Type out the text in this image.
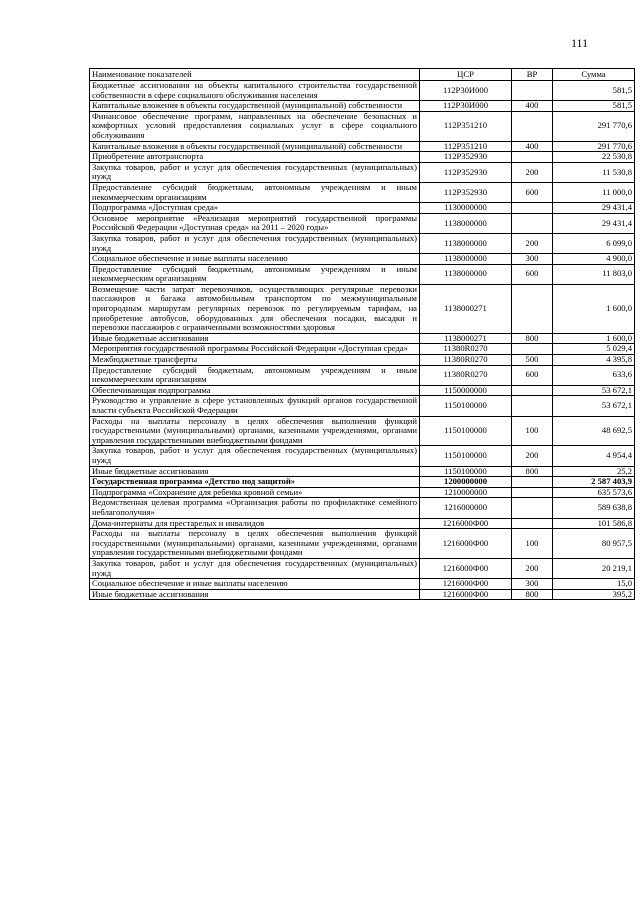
111
Наименование показателей	ЦСР	ВР	Сумма
Бюджетные ассигнования на объекты капитального строительства государственной собственности в сфере социального обслуживания населения	112Р30И000		581,5
Капитальные вложения в объекты государственной (муниципальной) собственности	112Р30И000	400	581,5
Финансовое обеспечение программ, направленных на обеспечение безопасных и комфортных условий предоставления социальных услуг в сфере социального обслуживания	112Р351210		291 770,6
Капитальные вложения в объекты государственной (муниципальной) собственности	112Р351210	400	291 770,6
Приобретение автотранспорта	112Р352930		22 530,8
Закупка товаров, работ и услуг для обеспечения государственных (муниципальных) нужд	112Р352930	200	11 530,8
Предоставление субсидий бюджетным, автономным учреждениям и иным некоммерческим организациям	112Р352930	600	11 000,0
Подпрограмма «Доступная среда»	1130000000		29 431,4
Основное мероприятие «Реализация мероприятий государственной программы Российской Федерации «Доступная среда» на 2011 – 2020 годы»	1138000000		29 431,4
Закупка товаров, работ и услуг для обеспечения государственных (муниципальных) нужд	1138000000	200	6 099,0
Социальное обеспечение и иные выплаты населению	1138000000	300	4 900,0
Предоставление субсидий бюджетным, автономным учреждениям и иным некоммерческим организациям	1138000000	600	11 803,0
Возмещение части затрат перевозчиков, осуществляющих регулярные перевозки пассажиров и багажа автомобильным транспортом по межмуниципальным пригородным маршрутам регулярных перевозок по регулируемым тарифам, на приобретение автобусов, оборудованных для обеспечения посадки, высадки и перевозки пассажиров с ограниченными возможностями здоровья	1138000271		1 600,0
Иные бюджетные ассигнования	1138000271	800	1 600,0
Мероприятия государственной программы Российской Федерации «Доступная среда»	11380R0270		5 029,4
Межбюджетные трансферты	11380R0270	500	4 395,8
Предоставление субсидий бюджетным, автономным учреждениям и иным некоммерческим организациям	11380R0270	600	633,6
Обеспечивающая подпрограмма	1150000000		53 672,1
Руководство и управление в сфере установленных функций органов государственной власти субъекта Российской Федерации	1150100000		53 672,1
Расходы на выплаты персоналу в целях обеспечения выполнения функций государственными (муниципальными) органами, казенными учреждениями, органами управления государственными внебюджетными фондами	1150100000	100	48 692,5
Закупка товаров, работ и услуг для обеспечения государственных (муниципальных) нужд	1150100000	200	4 954,4
Иные бюджетные ассигнования	1150100000	800	25,2
Государственная программа «Детство под защитой»	1200000000		2 587 403,9
Подпрограмма «Сохранение для ребенка кровной семьи»	1210000000		635 573,6
Ведомственная целевая программа «Организация работы по профилактике семейного неблагополучия»	1216000000		589 638,8
Дома-интернаты для престарелых и инвалидов	1216000Ф00		101 586,8
Расходы на выплаты персоналу в целях обеспечения выполнения функций государственными (муниципальными) органами, казенными учреждениями, органами управления государственными внебюджетными фондами	1216000Ф00	100	80 957,5
Закупка товаров, работ и услуг для обеспечения государственных (муниципальных) нужд	1216000Ф00	200	20 219,1
Социальное обеспечение и иные выплаты населению	1216000Ф00	300	15,0
Иные бюджетные ассигнования	1216000Ф00	800	395,2
